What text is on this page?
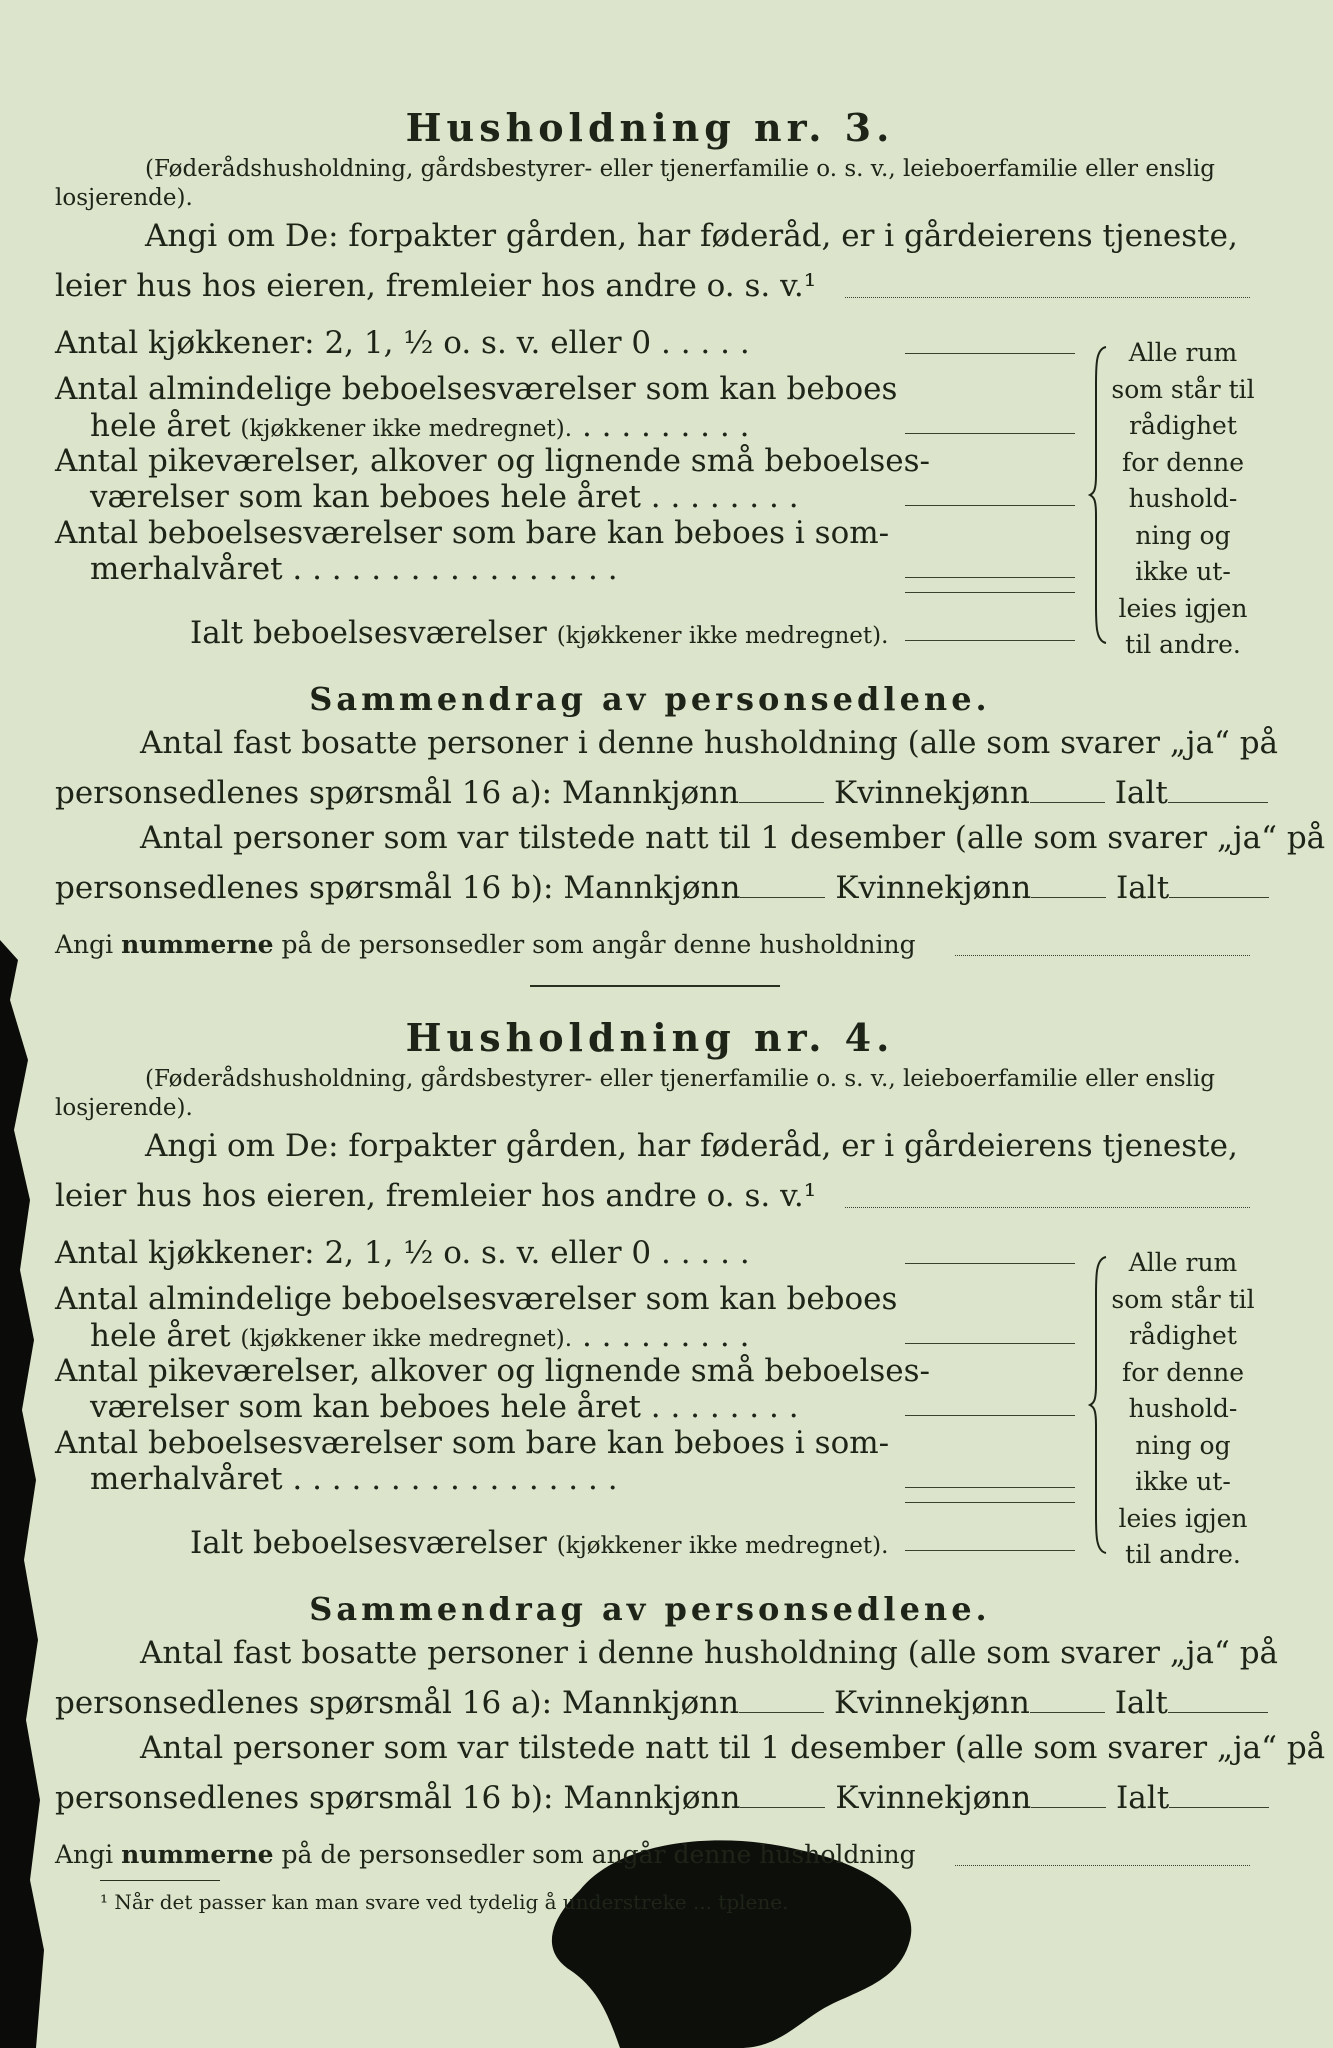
Husholdning nr. 3.
(Føderådshusholdning, gårdsbestyrer- eller tjenerfamilie o. s. v., leieboerfamilie eller enslig losjerende).
Angi om De: forpakter gården, har føderåd, er i gårdeierens tjeneste,
leier hus hos eieren, fremleier hos andre o. s. v.¹
Antal kjøkkener: 2, 1, ½ o. s. v. eller 0 . . . . .
Antal almindelige beboelsesværelser som kan beboes
hele året (kjøkkener ikke medregnet). . . . . . . . . .
Antal pikeværelser, alkover og lignende små beboelses-
værelser som kan beboes hele året . . . . . . . .
Antal beboelsesværelser som bare kan beboes i som-
merhalvåret . . . . . . . . . . . . . . . . .
Ialt beboelsesværelser (kjøkkener ikke medregnet).
Alle rum
som står til
rådighet
for denne
hushold-
ning og
ikke ut-
leies igjen
til andre.
Sammendrag av personsedlene.
Antal fast bosatte personer i denne husholdning (alle som svarer „ja“ på
personsedlenes spørsmål 16 a): Mannkjønn	Kvinnekjønn	Ialt
Antal personer som var tilstede natt til 1 desember (alle som svarer „ja“ på
personsedlenes spørsmål 16 b): Mannkjønn	Kvinnekjønn	Ialt
Angi nummerne på de personsedler som angår denne husholdning
Husholdning nr. 4.
(Føderådshusholdning, gårdsbestyrer- eller tjenerfamilie o. s. v., leieboerfamilie eller enslig losjerende).
Angi om De: forpakter gården, har føderåd, er i gårdeierens tjeneste,
leier hus hos eieren, fremleier hos andre o. s. v.¹
Antal kjøkkener: 2, 1, ½ o. s. v. eller 0 . . . . .
Antal almindelige beboelsesværelser som kan beboes
hele året (kjøkkener ikke medregnet). . . . . . . . . .
Antal pikeværelser, alkover og lignende små beboelses-
værelser som kan beboes hele året . . . . . . . .
Antal beboelsesværelser som bare kan beboes i som-
merhalvåret . . . . . . . . . . . . . . . . .
Ialt beboelsesværelser (kjøkkener ikke medregnet).
Alle rum
som står til
rådighet
for denne
hushold-
ning og
ikke ut-
leies igjen
til andre.
Sammendrag av personsedlene.
Antal fast bosatte personer i denne husholdning (alle som svarer „ja“ på
personsedlenes spørsmål 16 a): Mannkjønn	Kvinnekjønn	Ialt
Antal personer som var tilstede natt til 1 desember (alle som svarer „ja“ på
personsedlenes spørsmål 16 b): Mannkjønn	Kvinnekjønn	Ialt
Angi nummerne på de personsedler som angår denne husholdning
¹ Når det passer kan man svare ved tydelig å understreke ... tplene.
